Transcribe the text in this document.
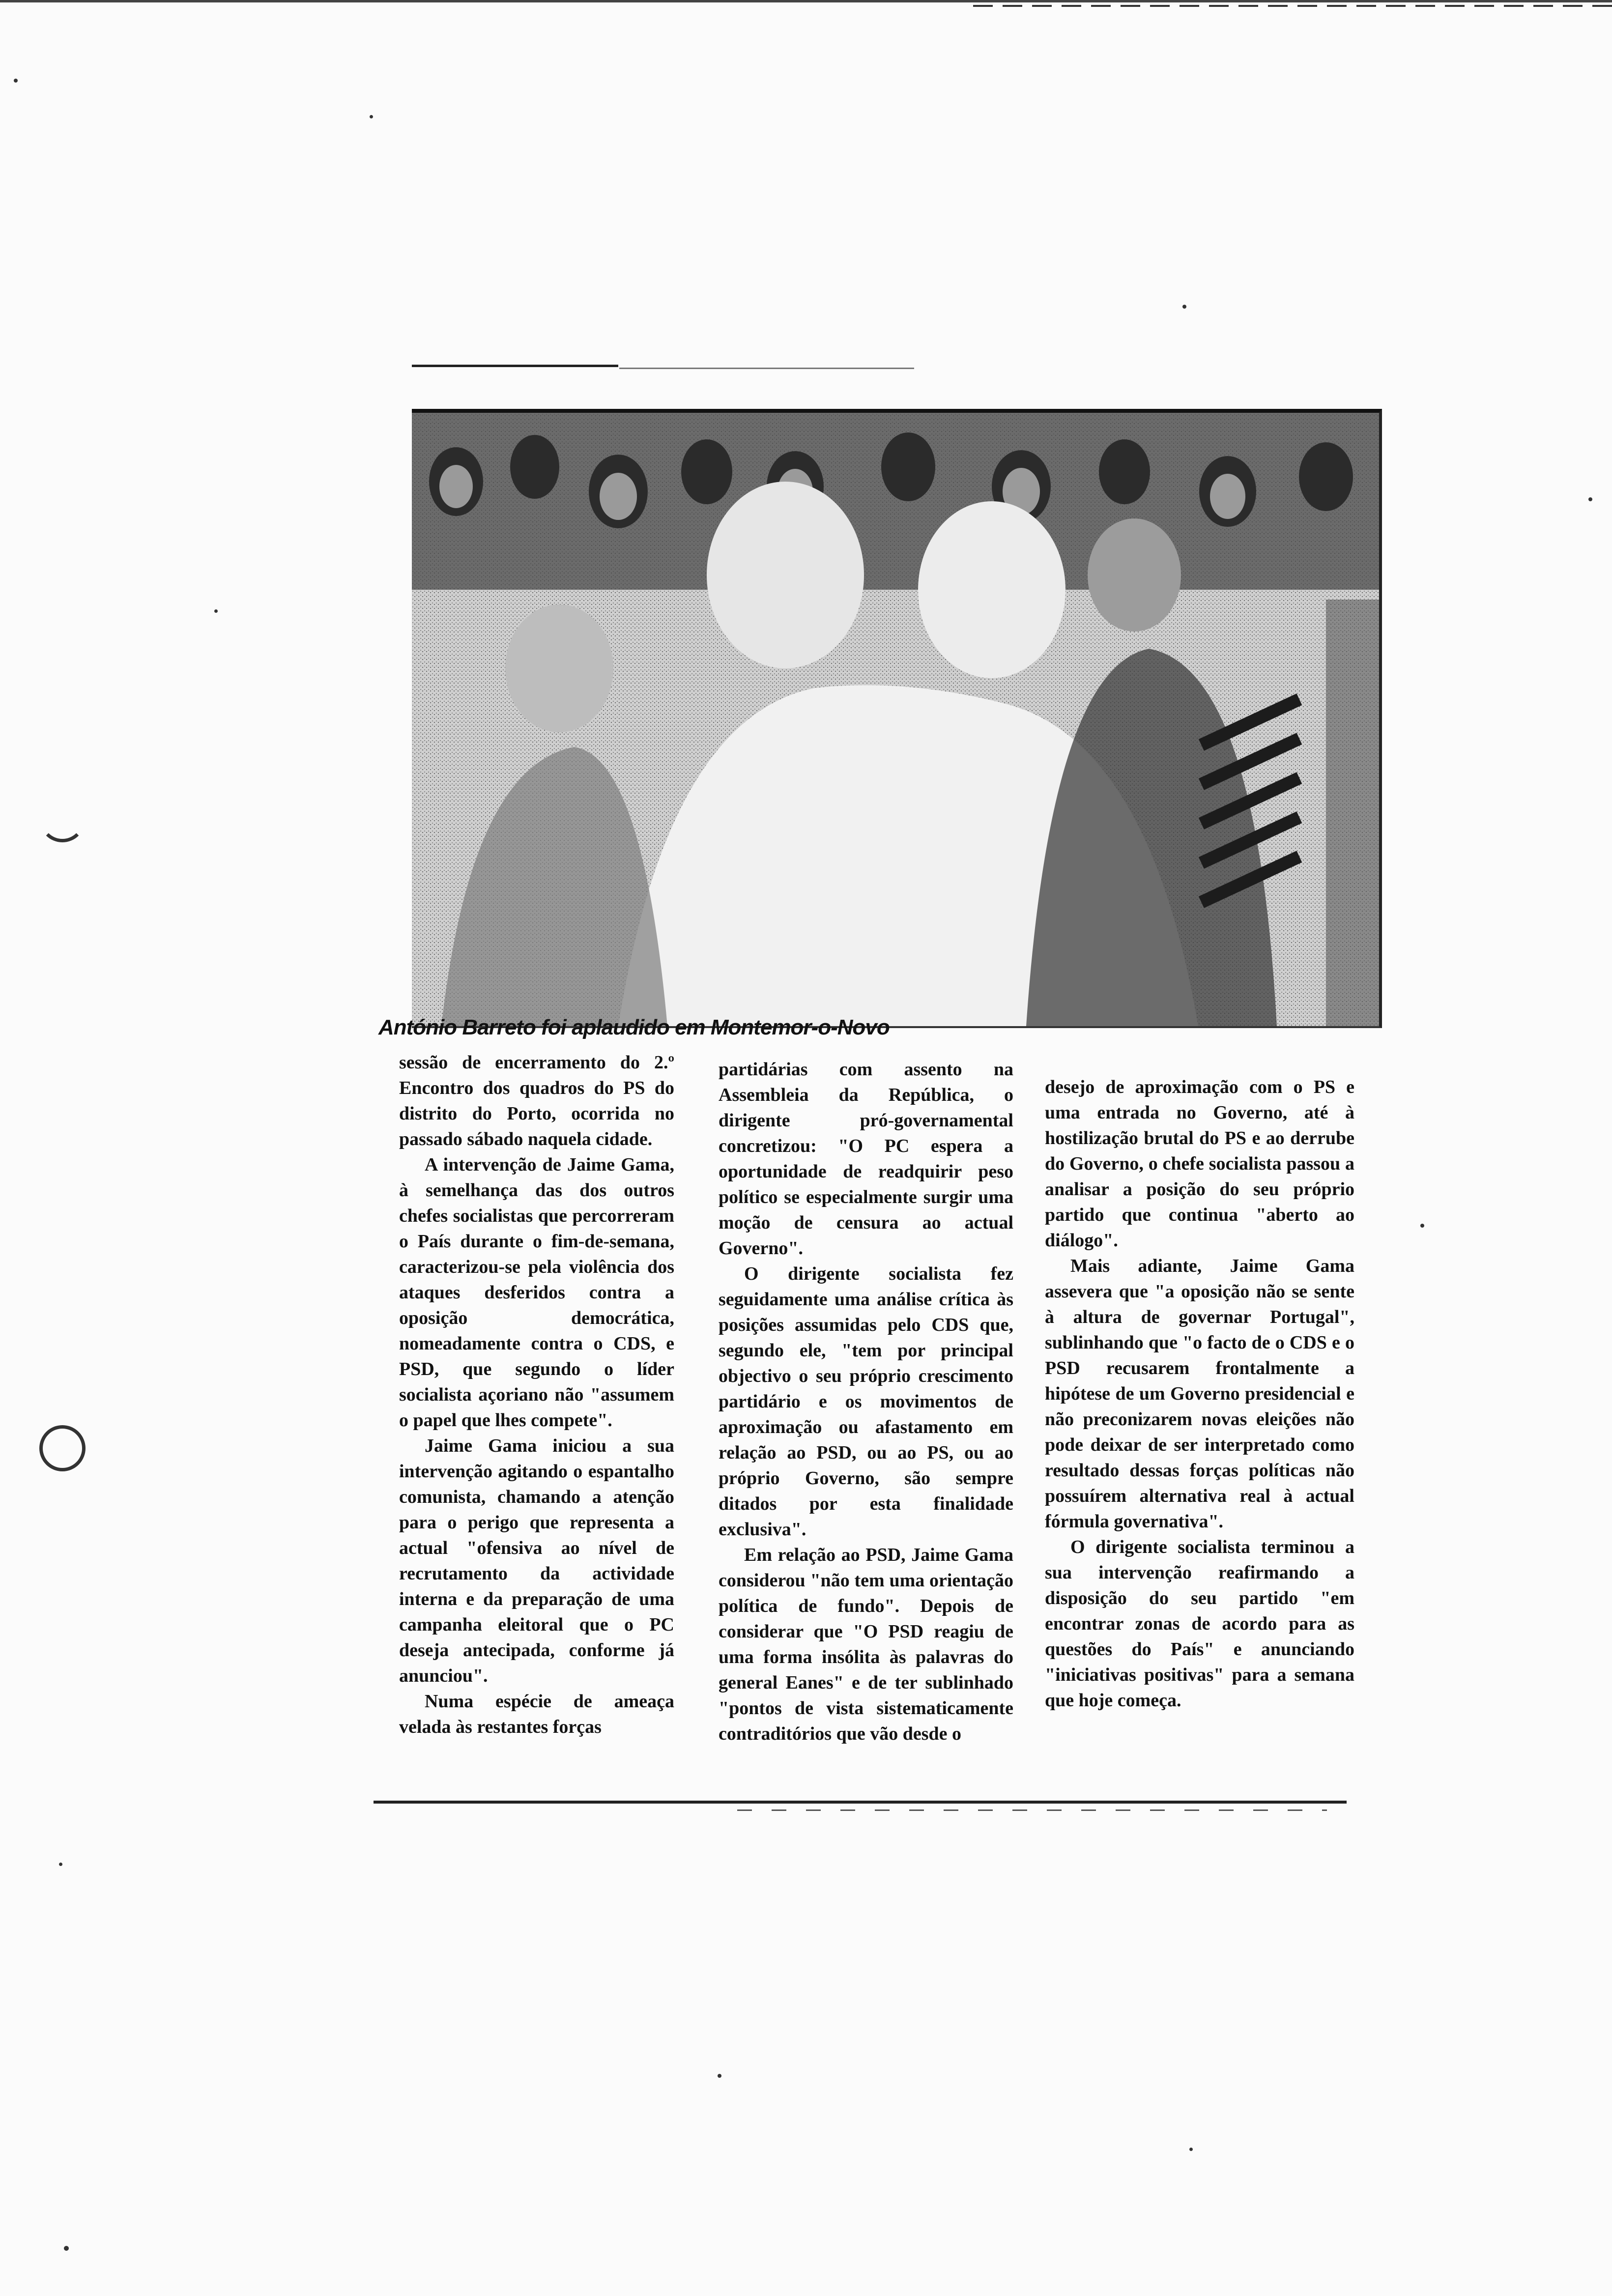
António Barreto foi aplaudido em Montemor-o-Novo

sessão de encerramento do 2.º Encontro dos quadros do PS do distrito do Porto, ocorrida no passado sábado naquela cidade.

A intervenção de Jaime Gama, à semelhança das dos outros chefes socialistas que percorreram o País durante o fim-de-semana, caracterizou-se pela violência dos ataques desferidos contra a oposição democrática, nomeadamente contra o CDS, e PSD, que segundo o líder socialista açoriano não "assumem o papel que lhes compete".

Jaime Gama iniciou a sua intervenção agitando o espantalho comunista, chamando a atenção para o perigo que representa a actual "ofensiva ao nível de recrutamento da actividade interna e da preparação de uma campanha eleitoral que o PC deseja antecipada, conforme já anunciou".

Numa espécie de ameaça velada às restantes forças

partidárias com assento na Assembleia da República, o dirigente pró-governamental concretizou: "O PC espera a oportunidade de readquirir peso político se especialmente surgir uma moção de censura ao actual Governo".

O dirigente socialista fez seguidamente uma análise crítica às posições assumidas pelo CDS que, segundo ele, "tem por principal objectivo o seu próprio crescimento partidário e os movimentos de aproximação ou afastamento em relação ao PSD, ou ao PS, ou ao próprio Governo, são sempre ditados por esta finalidade exclusiva".

Em relação ao PSD, Jaime Gama considerou "não tem uma orientação política de fundo". Depois de considerar que "O PSD reagiu de uma forma insólita às palavras do general Eanes" e de ter sublinhado "pontos de vista sistematicamente contraditórios que vão desde o

desejo de aproximação com o PS e uma entrada no Governo, até à hostilização brutal do PS e ao derrube do Governo, o chefe socialista passou a analisar a posição do seu próprio partido que continua "aberto ao diálogo".

Mais adiante, Jaime Gama assevera que "a oposição não se sente à altura de governar Portugal", sublinhando que "o facto de o CDS e o PSD recusarem frontalmente a hipótese de um Governo presidencial e não preconizarem novas eleições não pode deixar de ser interpretado como resultado dessas forças políticas não possuírem alternativa real à actual fórmula governativa".

O dirigente socialista terminou a sua intervenção reafirmando a disposição do seu partido "em encontrar zonas de acordo para as questões do País" e anunciando "iniciativas positivas" para a semana que hoje começa.
